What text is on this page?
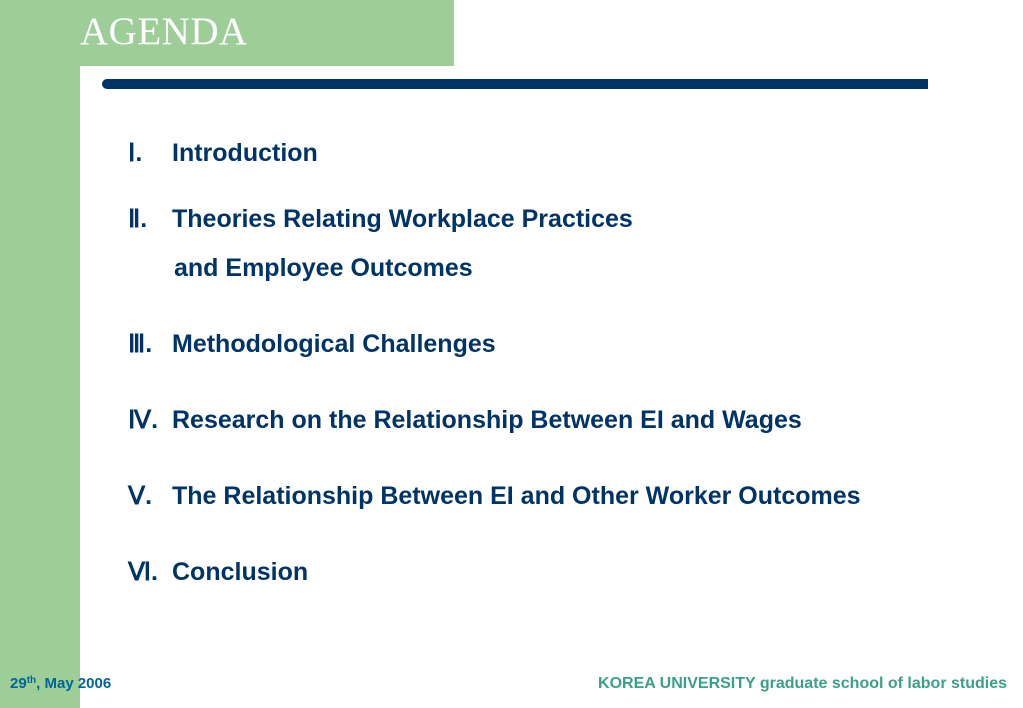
AGENDA
Ⅰ. Introduction
Ⅱ. Theories Relating Workplace Practices
and Employee Outcomes
Ⅲ. Methodological Challenges
Ⅳ. Research on the Relationship Between EI and Wages
Ⅴ. The Relationship Between EI and Other Worker Outcomes
Ⅵ. Conclusion
29th, May 2006	KOREA UNIVERSITY graduate school of labor studies
